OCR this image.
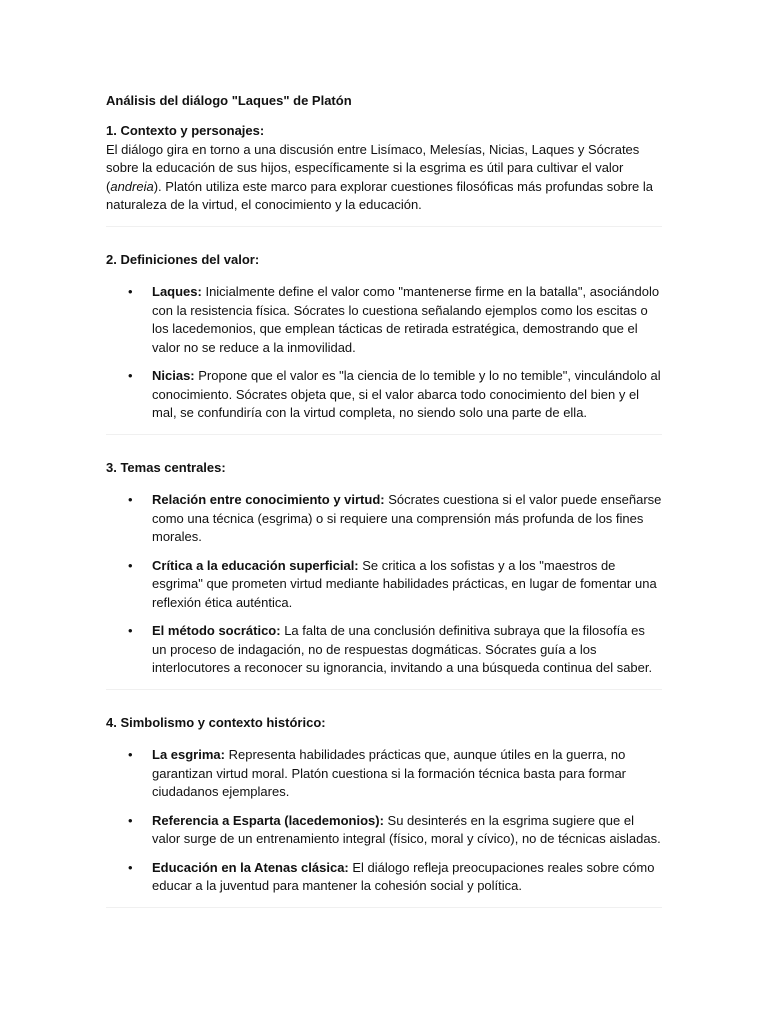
Análisis del diálogo "Laques" de Platón
1. Contexto y personajes:

El diálogo gira en torno a una discusión entre Lisímaco, Melesías, Nicias, Laques y Sócrates sobre la educación de sus hijos, específicamente si la esgrima es útil para cultivar el valor (andreia). Platón utiliza este marco para explorar cuestiones filosóficas más profundas sobre la naturaleza de la virtud, el conocimiento y la educación.

2. Definiciones del valor:
• Laques: Inicialmente define el valor como "mantenerse firme en la batalla", asociándolo con la resistencia física. Sócrates lo cuestiona señalando ejemplos como los escitas o los lacedemonios, que emplean tácticas de retirada estratégica, demostrando que el valor no se reduce a la inmovilidad.
• Nicias: Propone que el valor es "la ciencia de lo temible y lo no temible", vinculándolo al conocimiento. Sócrates objeta que, si el valor abarca todo conocimiento del bien y el mal, se confundiría con la virtud completa, no siendo solo una parte de ella.
3. Temas centrales:
• Relación entre conocimiento y virtud: Sócrates cuestiona si el valor puede enseñarse como una técnica (esgrima) o si requiere una comprensión más profunda de los fines morales.
• Crítica a la educación superficial: Se critica a los sofistas y a los "maestros de esgrima" que prometen virtud mediante habilidades prácticas, en lugar de fomentar una reflexión ética auténtica.
• El método socrático: La falta de una conclusión definitiva subraya que la filosofía es un proceso de indagación, no de respuestas dogmáticas. Sócrates guía a los interlocutores a reconocer su ignorancia, invitando a una búsqueda continua del saber.
4. Simbolismo y contexto histórico:
• La esgrima: Representa habilidades prácticas que, aunque útiles en la guerra, no garantizan virtud moral. Platón cuestiona si la formación técnica basta para formar ciudadanos ejemplares.
• Referencia a Esparta (lacedemonios): Su desinterés en la esgrima sugiere que el valor surge de un entrenamiento integral (físico, moral y cívico), no de técnicas aisladas.
• Educación en la Atenas clásica: El diálogo refleja preocupaciones reales sobre cómo educar a la juventud para mantener la cohesión social y política.
